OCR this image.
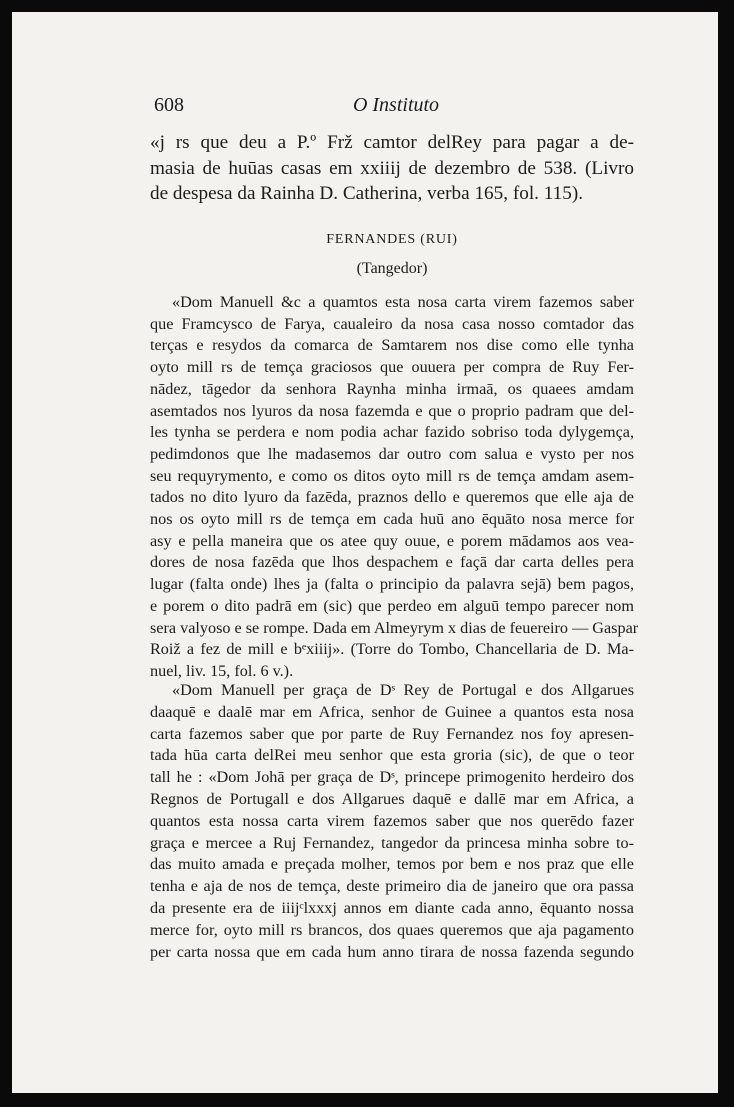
608	O Instituto
«j rs que deu a P.º Frž camtor delRey para pagar a de-
masia de huūas casas em xxiiij de dezembro de 538. (Livro
de despesa da Rainha D. Catherina, verba 165, fol. 115).
FERNANDES (RUI)
(Tangedor)
«Dom Manuell &c a quamtos esta nosa carta virem fazemos saber
que Framcysco de Farya, caualeiro da nosa casa nosso comtador das
terças e resydos da comarca de Samtarem nos dise como elle tynha
oyto mill rs de temça graciosos que ouuera per compra de Ruy Fer-
nādez, tāgedor da senhora Raynha minha irmaā, os quaees amdam
asemtados nos lyuros da nosa fazemda e que o proprio padram que del-
les tynha se perdera e nom podia achar fazido sobriso toda dylygemça,
pedimdonos que lhe madasemos dar outro com salua e vysto per nos
seu requyrymento, e como os ditos oyto mill rs de temça amdam asem-
tados no dito lyuro da fazēda, praznos dello e queremos que elle aja de
nos os oyto mill rs de temça em cada huū ano ēquāto nosa merce for
asy e pella maneira que os atee quy ouue, e porem mādamos aos vea-
dores de nosa fazēda que lhos despachem e façā dar carta delles pera
lugar (falta onde) lhes ja (falta o principio da palavra sejā) bem pagos,
e porem o dito padrā em (sic) que perdeo em alguū tempo parecer nom
sera valyoso e se rompe. Dada em Almeyrym x dias de feuereiro — Gaspar
Roiž a fez de mill e bᵉxiiij». (Torre do Tombo, Chancellaria de D. Ma-
nuel, liv. 15, fol. 6 v.).
«Dom Manuell per graça de Dˢ Rey de Portugal e dos Allgarues
daaquē e daalē mar em Africa, senhor de Guinee a quantos esta nosa
carta fazemos saber que por parte de Ruy Fernandez nos foy apresen-
tada hūa carta delRei meu senhor que esta groria (sic), de que o teor
tall he : «Dom Johā per graça de Dˢ, princepe primogenito herdeiro dos
Regnos de Portugall e dos Allgarues daquē e dallē mar em Africa, a
quantos esta nossa carta virem fazemos saber que nos querēdo fazer
graça e mercee a Ruj Fernandez, tangedor da princesa minha sobre to-
das muito amada e preçada molher, temos por bem e nos praz que elle
tenha e aja de nos de temça, deste primeiro dia de janeiro que ora passa
da presente era de iiijᶜlxxxj annos em diante cada anno, ēquanto nossa
merce for, oyto mill rs brancos, dos quaes queremos que aja pagamento
per carta nossa que em cada hum anno tirara de nossa fazenda segundo
